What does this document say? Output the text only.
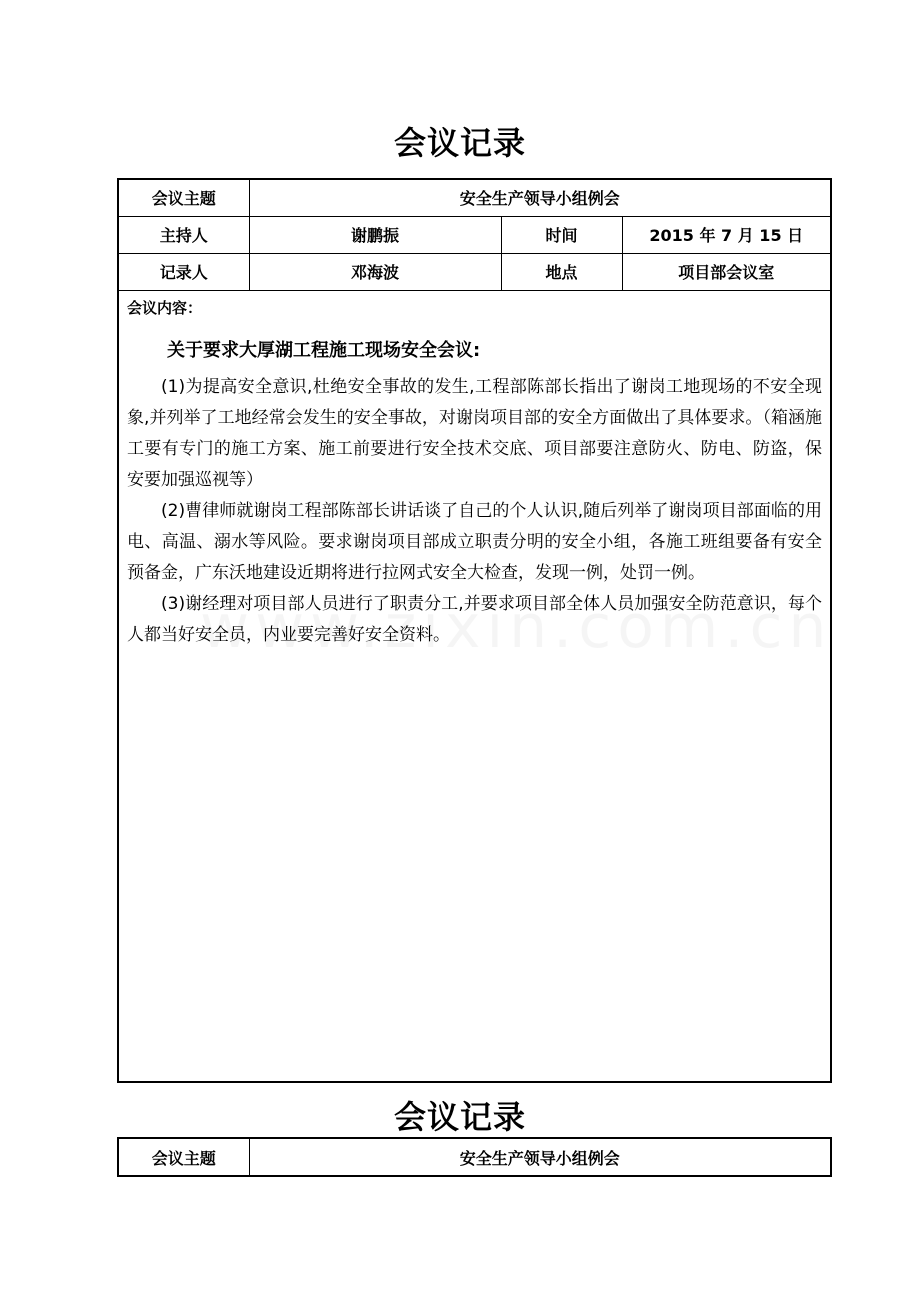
会议记录
会议主题	安全生产领导小组例会		
主持人	谢鹏振	时间	2015 年 7 月 15 日
记录人	邓海波	地点	项目部会议室

会议内容：
关于要求大厚湖工程施工现场安全会议:

(1)为提高安全意识,杜绝安全事故的发生,工程部陈部长指出了谢岗工地现场的不安全现象,并列举了工地经常会发生的安全事故，对谢岗项目部的安全方面做出了具体要求。（箱涵施工要有专门的施工方案、施工前要进行安全技术交底、项目部要注意防火、防电、防盗，保安要加强巡视等）

(2)曹律师就谢岗工程部陈部长讲话谈了自己的个人认识,随后列举了谢岗项目部面临的用电、高温、溺水等风险。要求谢岗项目部成立职责分明的安全小组，各施工班组要备有安全预备金，广东沃地建设近期将进行拉网式安全大检查，发现一例，处罚一例。

(3)谢经理对项目部人员进行了职责分工,并要求项目部全体人员加强安全防范意识，每个人都当好安全员，内业要完善好安全资料。			

会议记录
会议主题	安全生产领导小组例会
